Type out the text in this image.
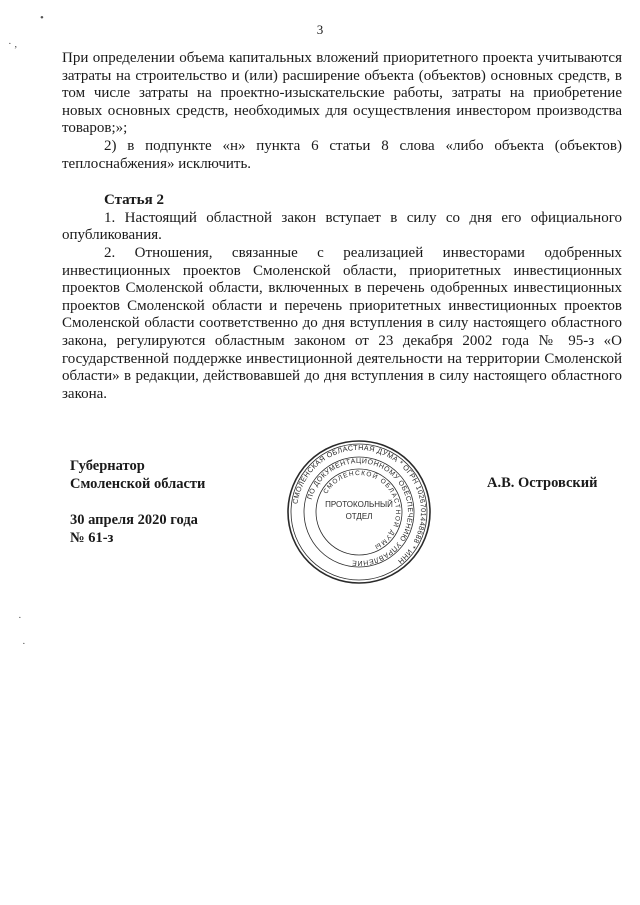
3
•
· ,

При определении объема капитальных вложений приоритетного проекта учитываются затраты на строительство и (или) расширение объекта (объектов) основных средств, в том числе затраты на проектно-изыскательские работы, затраты на приобретение новых основных средств, необходимых для осуществления инвестором производства товаров;»;

2) в подпункте «н» пункта 6 статьи 8 слова «либо объекта (объектов) теплоснабжения» исключить.

Статья 2

1. Настоящий областной закон вступает в силу со дня его официального опубликования.

2. Отношения, связанные с реализацией инвесторами одобренных инвестиционных проектов Смоленской области, приоритетных инвестиционных проектов Смоленской области, включенных в перечень одобренных инвестиционных проектов Смоленской области и перечень приоритетных инвестиционных проектов Смоленской области соответственно до дня вступления в силу настоящего областного закона, регулируются областным законом от 23 декабря 2002 года № 95-з «О государственной поддержке инвестиционной деятельности на территории Смоленской области» в редакции, действовавшей до дня вступления в силу настоящего областного закона.

Губернатор
Смоленской области
30 апреля 2020 года
№ 61-з
А.В. Островский
СМОЛЕНСКАЯ ОБЛАСТНАЯ ДУМА * ОГРН 1026701448688 * ИНН
ПО ДОКУМЕНТАЦИОННОМУ ОБЕСПЕЧЕНИЮ УПРАВЛЕНИЕ
СМОЛЕНСКОЙ ОБЛАСТНОЙ ДУМЫ
ПРОТОКОЛЬНЫЙ
ОТДЕЛ
·
·
